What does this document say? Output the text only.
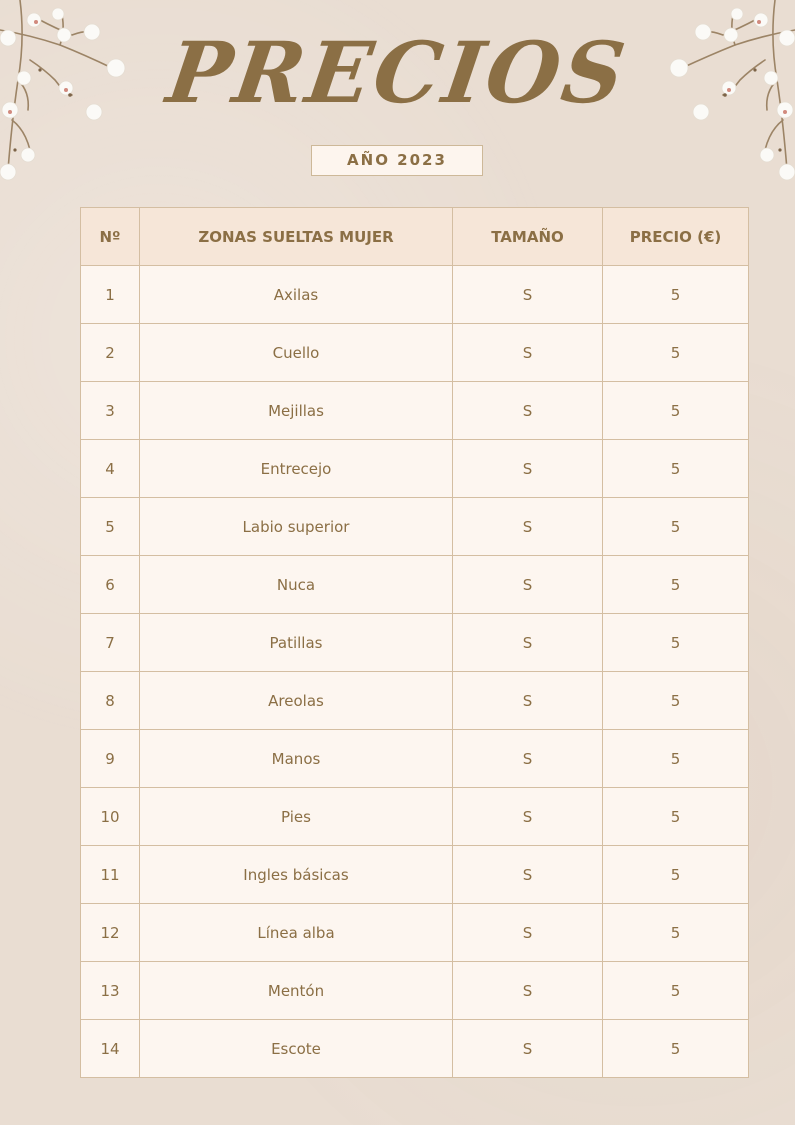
PRECIOS
AÑO 2023
Nº	ZONAS SUELTAS MUJER	TAMAÑO	PRECIO (€)
1	Axilas	S	5
2	Cuello	S	5
3	Mejillas	S	5
4	Entrecejo	S	5
5	Labio superior	S	5
6	Nuca	S	5
7	Patillas	S	5
8	Areolas	S	5
9	Manos	S	5
10	Pies	S	5
11	Ingles básicas	S	5
12	Línea alba	S	5
13	Mentón	S	5
14	Escote	S	5
